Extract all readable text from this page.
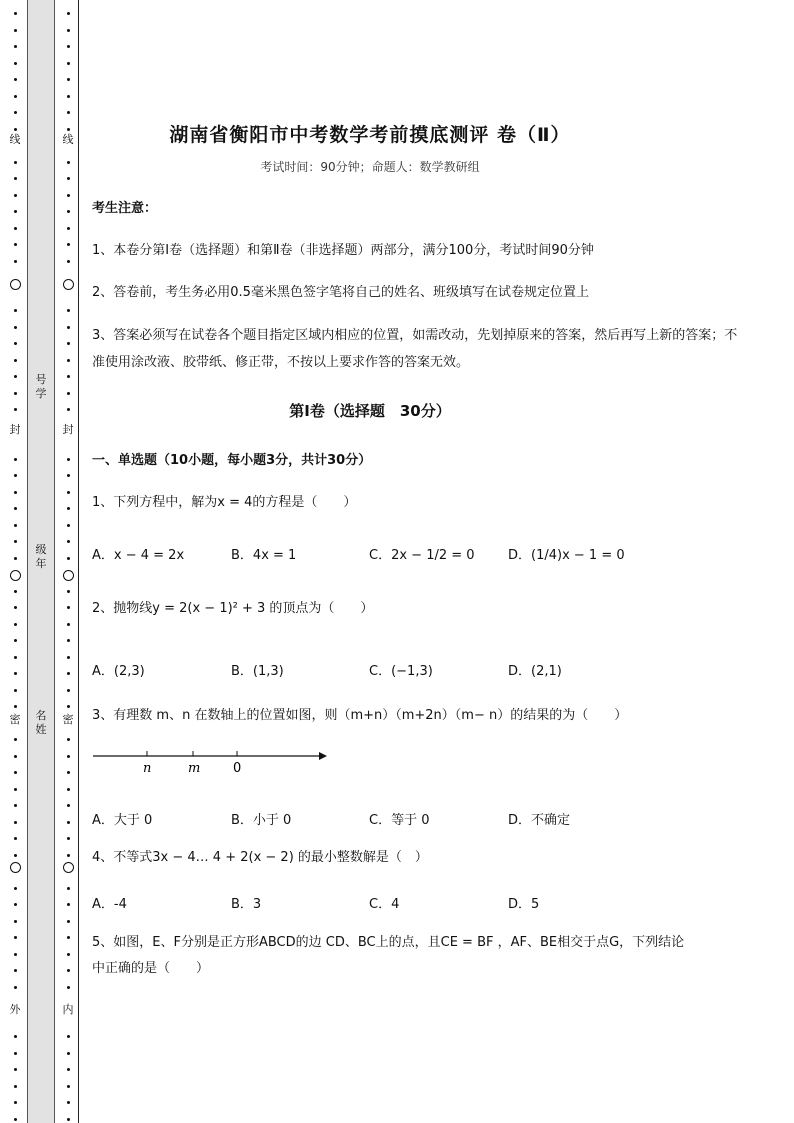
线
封
密
外
号
学
级
年
名
姓
线
封
密
内
湖南省衡阳市中考数学考前摸底测评 卷（Ⅱ）
考试时间：90分钟；命题人：数学教研组
考生注意：
1、本卷分第Ⅰ卷（选择题）和第Ⅱ卷（非选择题）两部分，满分100分，考试时间90分钟
2、答卷前，考生务必用0.5毫米黑色签字笔将自己的姓名、班级填写在试卷规定位置上
3、答案必须写在试卷各个题目指定区域内相应的位置，如需改动，先划掉原来的答案，然后再写上新的答案；不准使用涂改液、胶带纸、修正带，不按以上要求作答的答案无效。
第Ⅰ卷（选择题　30分）
一、单选题（10小题，每小题3分，共计30分）
1、下列方程中，解为x = 4的方程是（　　）
A．x − 4 = 2x	B．4x = 1	C．2x − 1/2 = 0	D．(1/4)x − 1 = 0
2、抛物线y = 2(x − 1)² + 3 的顶点为（　　）
A．(2,3)	B．(1,3)	C．(−1,3)	D．(2,1)
3、有理数 m、n 在数轴上的位置如图，则（m+n）（m+2n）（m− n）的结果的为（　　）
n	m	0
A．大于 0	B．小于 0	C．等于 0	D．不确定
4、不等式3x − 4… 4 + 2(x − 2) 的最小整数解是（　）
A．-4	B．3	C．4	D．5
5、如图，E、F分别是正方形ABCD的边 CD、BC上的点，且CE = BF ，AF、BE相交于点G，下列结论
中正确的是（　　）
